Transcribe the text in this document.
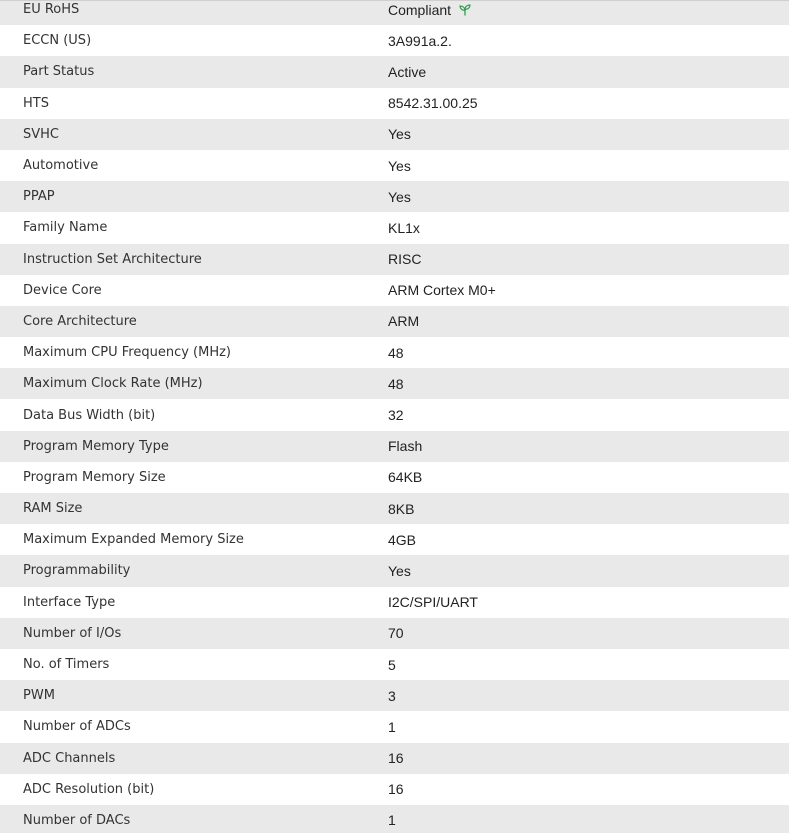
EU RoHS	Compliant
ECCN (US)	3A991a.2.
Part Status	Active
HTS	8542.31.00.25
SVHC	Yes
Automotive	Yes
PPAP	Yes
Family Name	KL1x
Instruction Set Architecture	RISC
Device Core	ARM Cortex M0+
Core Architecture	ARM
Maximum CPU Frequency (MHz)	48
Maximum Clock Rate (MHz)	48
Data Bus Width (bit)	32
Program Memory Type	Flash
Program Memory Size	64KB
RAM Size	8KB
Maximum Expanded Memory Size	4GB
Programmability	Yes
Interface Type	I2C/SPI/UART
Number of I/Os	70
No. of Timers	5
PWM	3
Number of ADCs	1
ADC Channels	16
ADC Resolution (bit)	16
Number of DACs	1
